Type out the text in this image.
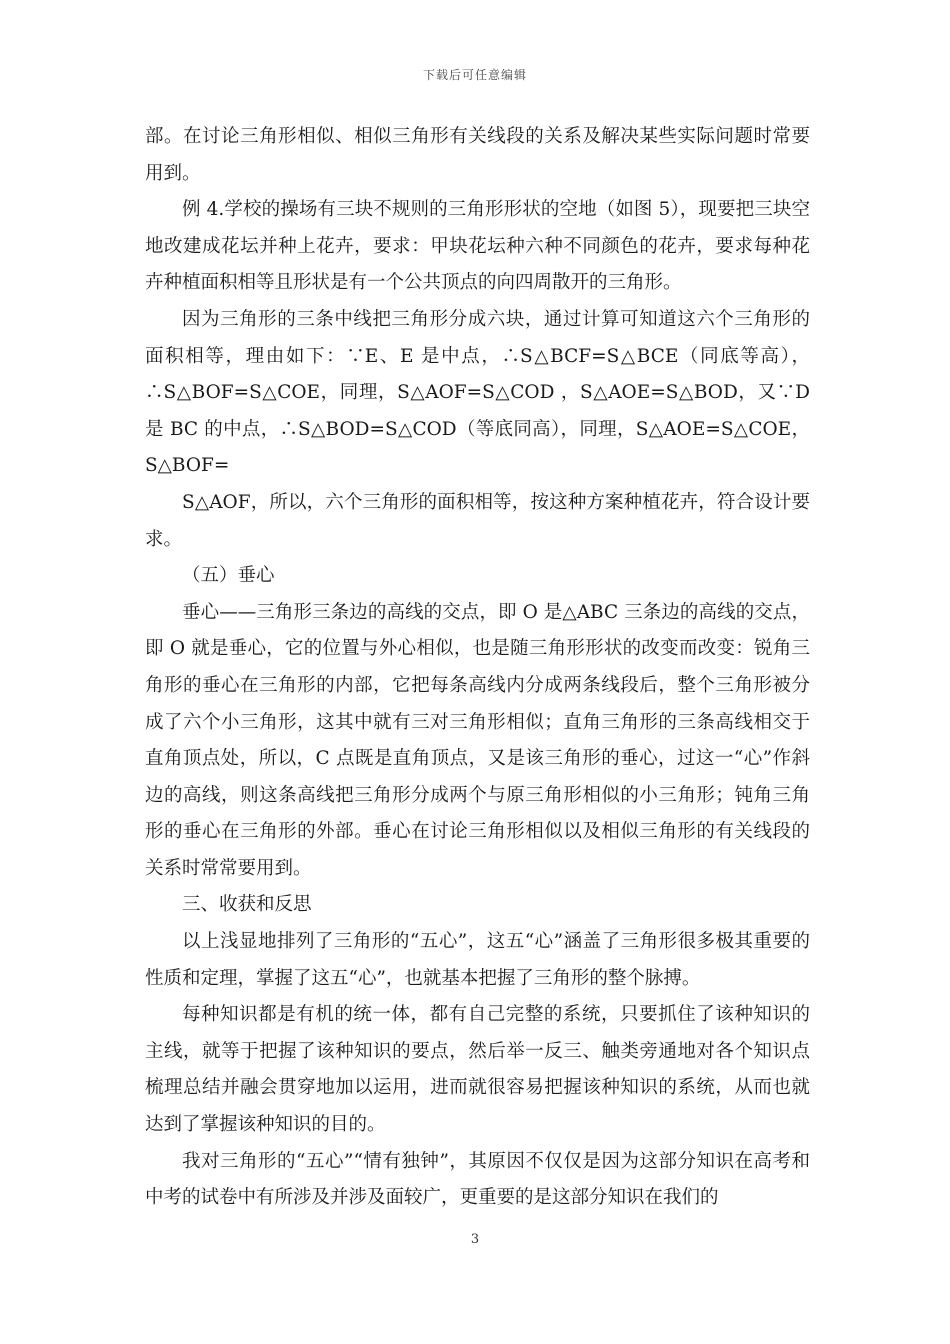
下载后可任意编辑

部。在讨论三角形相似、相似三角形有关线段的关系及解决某些实际问题时常要用到。

例 4.学校的操场有三块不规则的三角形形状的空地（如图 5），现要把三块空地改建成花坛并种上花卉，要求：甲块花坛种六种不同颜色的花卉，要求每种花卉种植面积相等且形状是有一个公共顶点的向四周散开的三角形。

因为三角形的三条中线把三角形分成六块，通过计算可知道这六个三角形的面积相等，理由如下：∵E、E 是中点，∴S△BCF=S△BCE（同底等高），∴S△BOF=S△COE，同理，S△AOF=S△COD ，S△AOE=S△BOD，又∵D 是 BC 的中点，∴S△BOD=S△COD（等底同高），同理，S△AOE=S△COE，S△BOF=

S△AOF，所以，六个三角形的面积相等，按这种方案种植花卉，符合设计要求。

（五）垂心

垂心——三角形三条边的高线的交点，即 O 是△ABC 三条边的高线的交点，即 O 就是垂心，它的位置与外心相似，也是随三角形形状的改变而改变：锐角三角形的垂心在三角形的内部，它把每条高线内分成两条线段后，整个三角形被分成了六个小三角形，这其中就有三对三角形相似；直角三角形的三条高线相交于直角顶点处，所以，C 点既是直角顶点，又是该三角形的垂心，过这一“心”作斜边的高线，则这条高线把三角形分成两个与原三角形相似的小三角形；钝角三角形的垂心在三角形的外部。垂心在讨论三角形相似以及相似三角形的有关线段的关系时常常要用到。

三、收获和反思

以上浅显地排列了三角形的“五心”，这五“心”涵盖了三角形很多极其重要的性质和定理，掌握了这五“心”，也就基本把握了三角形的整个脉搏。

每种知识都是有机的统一体，都有自己完整的系统，只要抓住了该种知识的主线，就等于把握了该种知识的要点，然后举一反三、触类旁通地对各个知识点梳理总结并融会贯穿地加以运用，进而就很容易把握该种知识的系统，从而也就达到了掌握该种知识的目的。

我对三角形的“五心”“情有独钟”，其原因不仅仅是因为这部分知识在高考和中考的试卷中有所涉及并涉及面较广，更重要的是这部分知识在我们的

3
